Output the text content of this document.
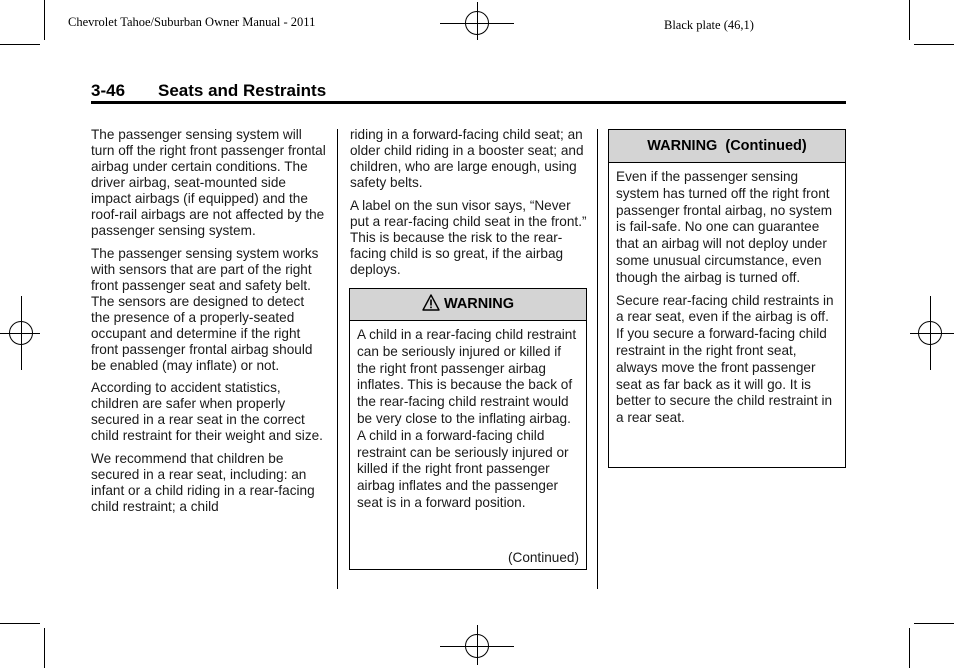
Chevrolet Tahoe/Suburban Owner Manual - 2011	Black plate (46,1)
3-46 Seats and Restraints

The passenger sensing system will turn off the right front passenger frontal airbag under certain conditions. The driver airbag, seat-mounted side impact airbags (if equipped) and the roof-rail airbags are not affected by the passenger sensing system.

The passenger sensing system works with sensors that are part of the right front passenger seat and safety belt. The sensors are designed to detect the presence of a properly-seated occupant and determine if the right front passenger frontal airbag should be enabled (may inflate) or not.

According to accident statistics, children are safer when properly secured in a rear seat in the correct child restraint for their weight and size.

We recommend that children be secured in a rear seat, including: an infant or a child riding in a rear-facing child restraint; a child

riding in a forward-facing child seat; an older child riding in a booster seat; and children, who are large enough, using safety belts.

A label on the sun visor says, “Never put a rear-facing child seat in the front.” This is because the risk to the rear-facing child is so great, if the airbag deploys.

WARNING

A child in a rear-facing child restraint can be seriously injured or killed if the right front passenger airbag inflates. This is because the back of the rear-facing child restraint would be very close to the inflating airbag. A child in a forward-facing child restraint can be seriously injured or killed if the right front passenger airbag inflates and the passenger seat is in a forward position.

(Continued)
WARNING  (Continued)

Even if the passenger sensing system has turned off the right front passenger frontal airbag, no system is fail-safe. No one can guarantee that an airbag will not deploy under some unusual circumstance, even though the airbag is turned off.

Secure rear-facing child restraints in a rear seat, even if the airbag is off. If you secure a forward-facing child restraint in the right front seat, always move the front passenger seat as far back as it will go. It is better to secure the child restraint in a rear seat.
